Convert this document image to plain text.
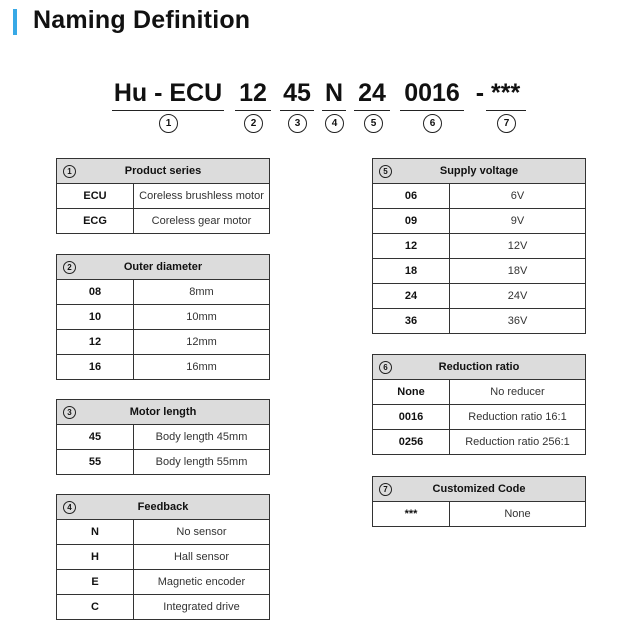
Naming Definition
Hu - ECU 12 45 N 24 0016 - ***
1	2	3	4	5	6	7
1 Product series	

ECU	Coreless brushless motor
ECG	Coreless gear motor
2 Outer diameter	

08	8mm
10	10mm
12	12mm
16	16mm
3 Motor length	

45	Body length 45mm
55	Body length 55mm
4 Feedback	

N	No sensor
H	Hall sensor
E	Magnetic encoder
C	Integrated drive
5 Supply voltage	

06	6V
09	9V
12	12V
18	18V
24	24V
36	36V
6 Reduction ratio	

None	No reducer
0016	Reduction ratio 16:1
0256	Reduction ratio 256:1
7	Customized Code

***	None
